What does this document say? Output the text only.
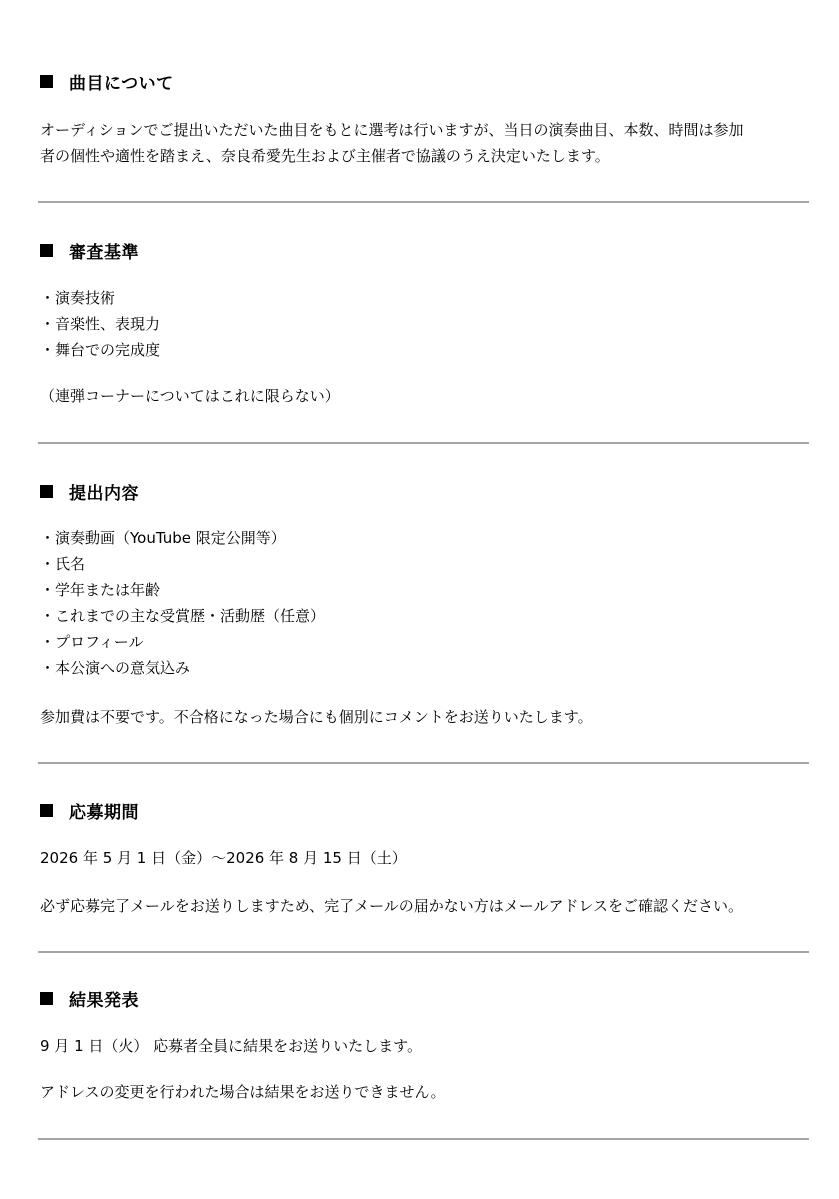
曲目について
オーディションでご提出いただいた曲目をもとに選考は行いますが、当日の演奏曲目、本数、時間は参加
者の個性や適性を踏まえ、奈良希愛先生および主催者で協議のうえ決定いたします。
審査基準
・演奏技術
・音楽性、表現力
・舞台での完成度
（連弾コーナーについてはこれに限らない）
提出内容
・演奏動画（YouTube 限定公開等）
・氏名
・学年または年齢
・これまでの主な受賞歴・活動歴（任意）
・プロフィール
・本公演への意気込み
参加費は不要です。不合格になった場合にも個別にコメントをお送りいたします。
応募期間
2026 年 5 月 1 日（金）～2026 年 8 月 15 日（土）
必ず応募完了メールをお送りしますため、完了メールの届かない方はメールアドレスをご確認ください。
結果発表
9 月 1 日（火） 応募者全員に結果をお送りいたします。
アドレスの変更を行われた場合は結果をお送りできません。
